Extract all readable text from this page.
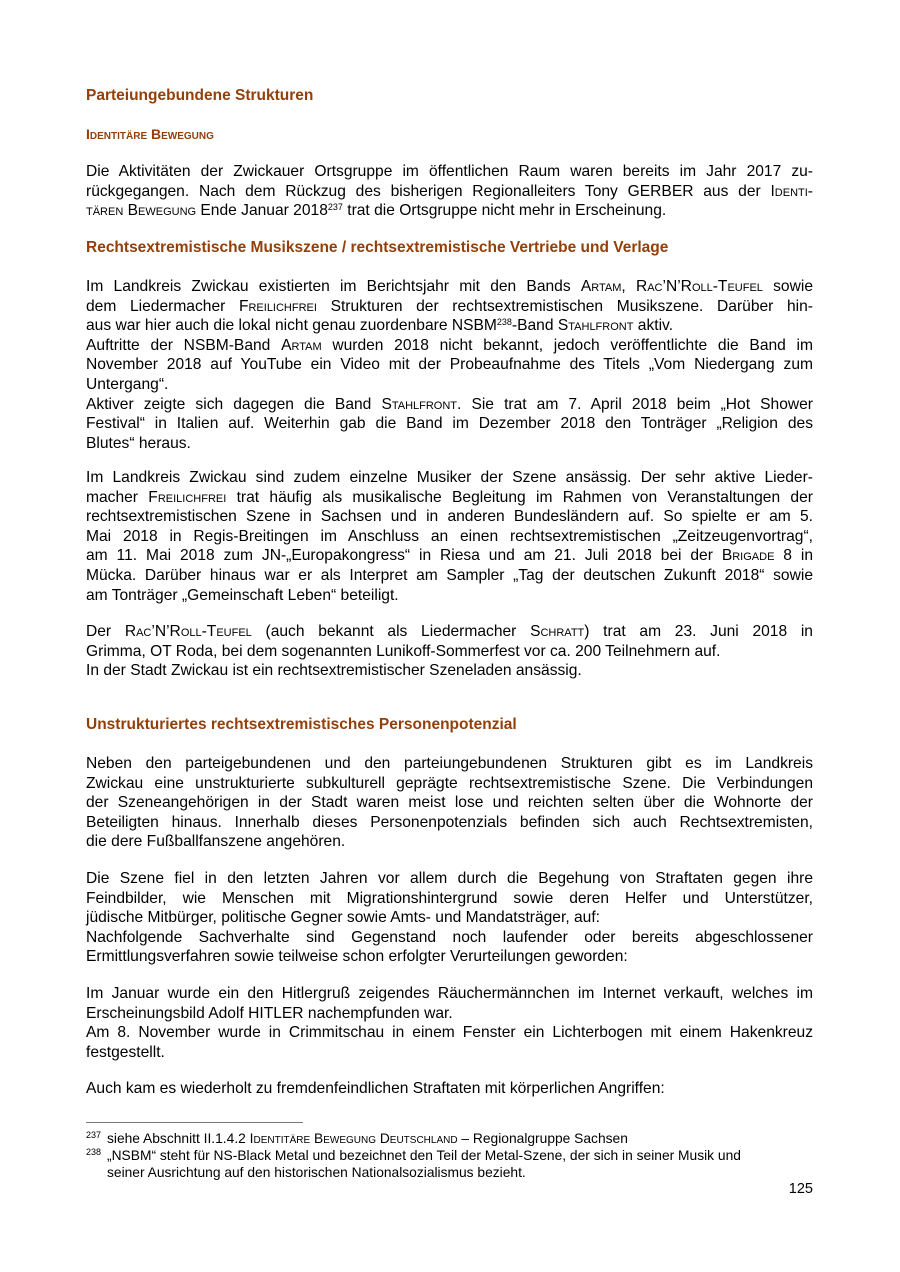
Parteiungebundene Strukturen
Identitäre Bewegung

Die Aktivitäten der Zwickauer Ortsgruppe im öffentlichen Raum waren bereits im Jahr 2017 zu-
rückgegangen. Nach dem Rückzug des bisherigen Regionalleiters Tony GERBER aus der Identi-
tären Bewegung Ende Januar 2018$^{237}$ trat die Ortsgruppe nicht mehr in Erscheinung.

Rechtsextremistische Musikszene / rechtsextremistische Vertriebe und Verlage

Im Landkreis Zwickau existierten im Berichtsjahr mit den Bands Artam, Rac’N’Roll-Teufel sowie
dem Liedermacher Freilichfrei Strukturen der rechtsextremistischen Musikszene. Darüber hin-
aus war hier auch die lokal nicht genau zuordenbare NSBM$^{238}$-Band Stahlfront aktiv.
Auftritte der NSBM-Band Artam wurden 2018 nicht bekannt, jedoch veröffentlichte die Band im
November 2018 auf YouTube ein Video mit der Probeaufnahme des Titels „Vom Niedergang zum
Untergang“.
Aktiver zeigte sich dagegen die Band Stahlfront. Sie trat am 7. April 2018 beim „Hot Shower
Festival“ in Italien auf. Weiterhin gab die Band im Dezember 2018 den Tonträger „Religion des
Blutes“ heraus.

Im Landkreis Zwickau sind zudem einzelne Musiker der Szene ansässig. Der sehr aktive Lieder-
macher Freilichfrei trat häufig als musikalische Begleitung im Rahmen von Veranstaltungen der
rechtsextremistischen Szene in Sachsen und in anderen Bundesländern auf. So spielte er am 5.
Mai 2018 in Regis-Breitingen im Anschluss an einen rechtsextremistischen „Zeitzeugenvortrag“,
am 11. Mai 2018 zum JN-„Europakongress“ in Riesa und am 21. Juli 2018 bei der Brigade 8 in
Mücka. Darüber hinaus war er als Interpret am Sampler „Tag der deutschen Zukunft 2018“ sowie
am Tonträger „Gemeinschaft Leben“ beteiligt.

Der Rac’N’Roll-Teufel (auch bekannt als Liedermacher Schratt) trat am 23. Juni 2018 in
Grimma, OT Roda, bei dem sogenannten Lunikoff-Sommerfest vor ca. 200 Teilnehmern auf.
In der Stadt Zwickau ist ein rechtsextremistischer Szeneladen ansässig.

Unstrukturiertes rechtsextremistisches Personenpotenzial

Neben den parteigebundenen und den parteiungebundenen Strukturen gibt es im Landkreis
Zwickau eine unstrukturierte subkulturell geprägte rechtsextremistische Szene. Die Verbindungen
der Szeneangehörigen in der Stadt waren meist lose und reichten selten über die Wohnorte der
Beteiligten hinaus. Innerhalb dieses Personenpotenzials befinden sich auch Rechtsextremisten,
die dere Fußballfanszene angehören.

Die Szene fiel in den letzten Jahren vor allem durch die Begehung von Straftaten gegen ihre
Feindbilder, wie Menschen mit Migrationshintergrund sowie deren Helfer und Unterstützer,
jüdische Mitbürger, politische Gegner sowie Amts- und Mandatsträger, auf:
Nachfolgende Sachverhalte sind Gegenstand noch laufender oder bereits abgeschlossener
Ermittlungsverfahren sowie teilweise schon erfolgter Verurteilungen geworden:

Im Januar wurde ein den Hitlergruß zeigendes Räuchermännchen im Internet verkauft, welches im
Erscheinungsbild Adolf HITLER nachempfunden war.
Am 8. November wurde in Crimmitschau in einem Fenster ein Lichterbogen mit einem Hakenkreuz
festgestellt.

Auch kam es wiederholt zu fremdenfeindlichen Straftaten mit körperlichen Angriffen:

237 siehe Abschnitt II.1.4.2 Identitäre Bewegung Deutschland – Regionalgruppe Sachsen

238 „NSBM“ steht für NS-Black Metal und bezeichnet den Teil der Metal-Szene, der sich in seiner Musik und
seiner Ausrichtung auf den historischen Nationalsozialismus bezieht.

125
